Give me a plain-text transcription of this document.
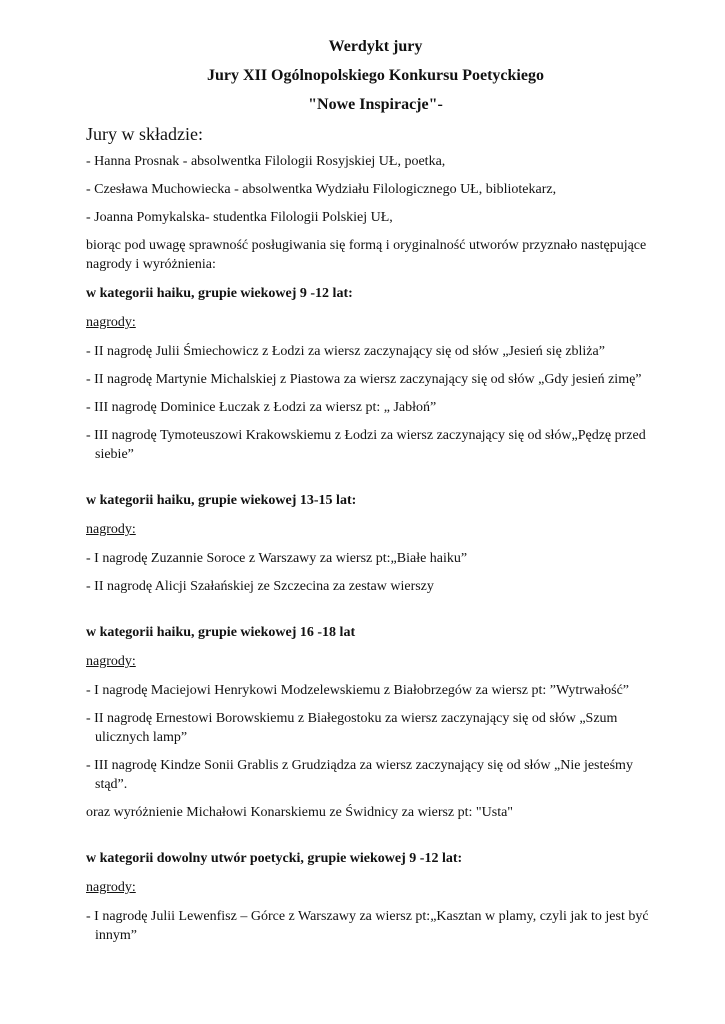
Werdykt jury
Jury XII Ogólnopolskiego Konkursu Poetyckiego
"Nowe Inspiracje"-

Jury w składzie:

- Hanna Prosnak - absolwentka Filologii Rosyjskiej UŁ, poetka,

- Czesława Muchowiecka - absolwentka Wydziału Filologicznego UŁ, bibliotekarz,

- Joanna Pomykalska- studentka Filologii Polskiej UŁ,

biorąc pod uwagę sprawność posługiwania się formą i oryginalność utworów przyznało następujące nagrody i wyróżnienia:

w kategorii haiku, grupie wiekowej 9 -12 lat:

nagrody:

- II nagrodę Julii Śmiechowicz z Łodzi za wiersz zaczynający się od słów „Jesień się zbliża”

- II nagrodę Martynie Michalskiej z Piastowa za wiersz zaczynający się od słów „Gdy jesień zimę”

- III nagrodę Dominice Łuczak z Łodzi za wiersz pt: „ Jabłoń”

- III nagrodę Tymoteuszowi Krakowskiemu z Łodzi za wiersz zaczynający się od słów„Pędzę przed siebie”

w kategorii haiku, grupie wiekowej 13-15 lat:

nagrody:

- I nagrodę Zuzannie Soroce z Warszawy za wiersz pt:„Białe haiku”

- II nagrodę Alicji Szałańskiej ze Szczecina za zestaw wierszy

w kategorii haiku, grupie wiekowej 16 -18 lat

nagrody:

- I nagrodę Maciejowi Henrykowi Modzelewskiemu z Białobrzegów za wiersz pt: ”Wytrwałość”

- II nagrodę Ernestowi Borowskiemu z Białegostoku za wiersz zaczynający się od słów „Szum ulicznych lamp”

- III nagrodę Kindze Sonii Grablis z Grudziądza za wiersz zaczynający się od słów „Nie jesteśmy stąd”.

oraz wyróżnienie Michałowi Konarskiemu ze Świdnicy za wiersz pt: "Usta"

w kategorii dowolny utwór poetycki, grupie wiekowej 9 -12 lat:

nagrody:

- I nagrodę Julii Lewenfisz – Górce z Warszawy za wiersz pt:„Kasztan w plamy, czyli jak to jest być innym”
